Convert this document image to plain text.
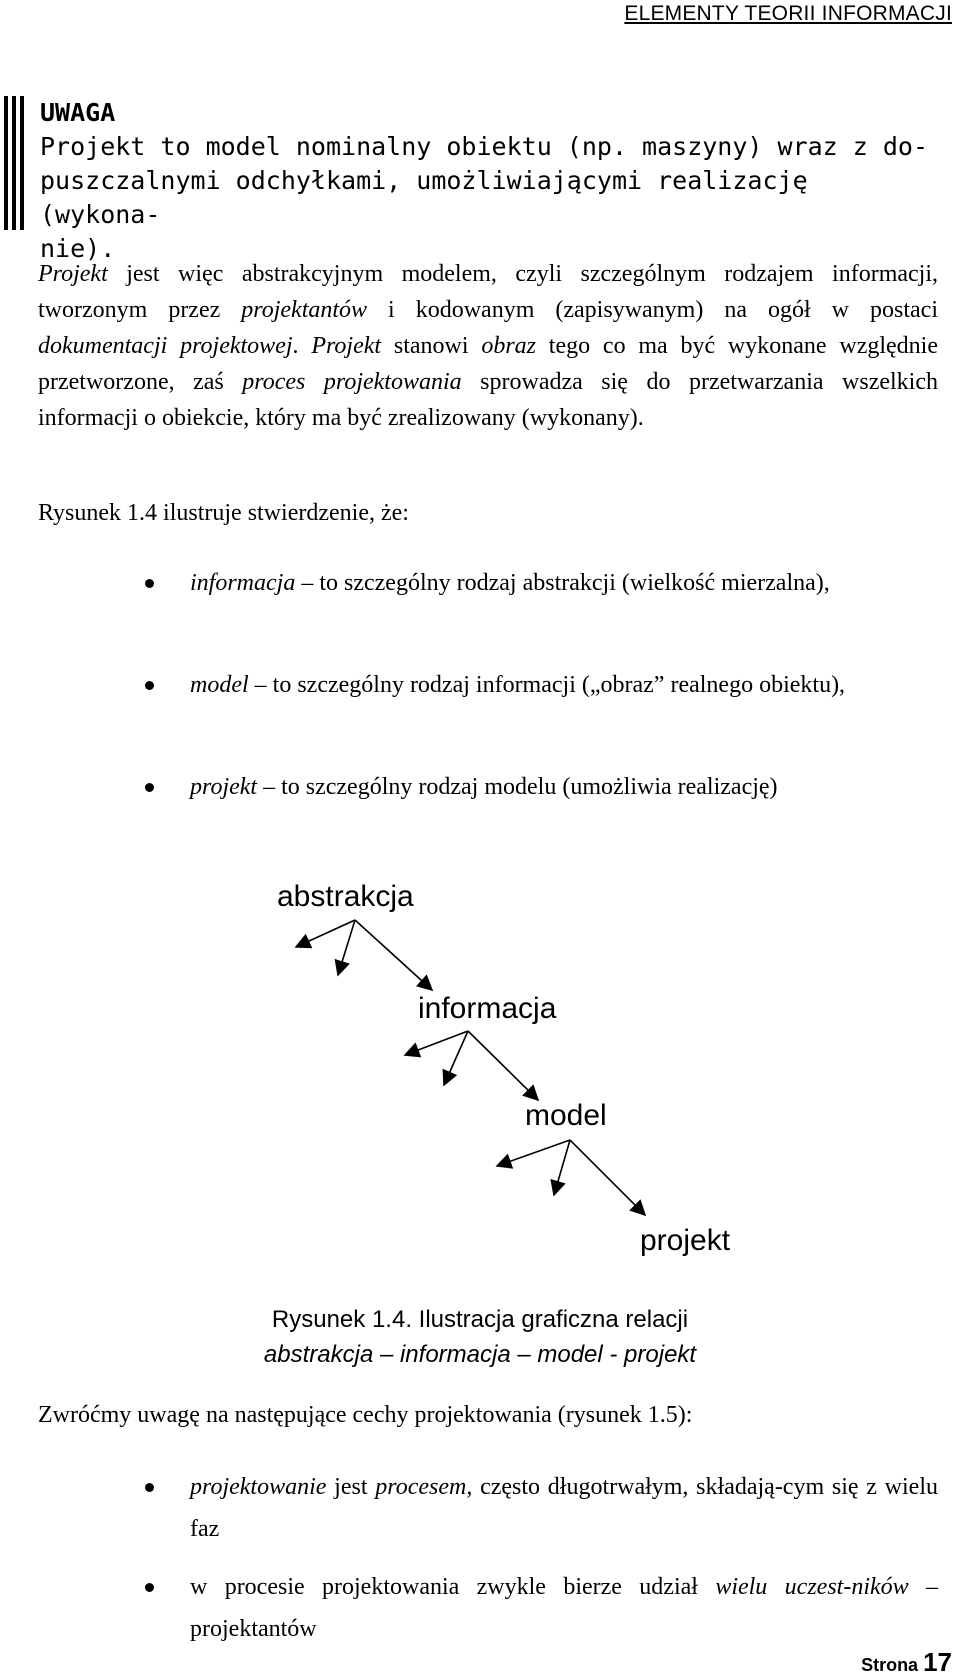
ELEMENTY TEORII INFORMACJI
UWAGA
Projekt to model nominalny obiektu (np. maszyny) wraz z do-
puszczalnymi odchyłkami, umożliwiającymi realizację (wykona-
nie).
Projekt jest więc abstrakcyjnym modelem, czyli szczególnym rodzajem informacji, tworzonym przez projektantów i kodowanym (zapisywanym) na ogół w postaci dokumentacji projektowej. Projekt stanowi obraz tego co ma być wykonane względnie przetworzone, zaś proces projektowania sprowadza się do przetwarzania wszelkich informacji o obiekcie, który ma być zrealizowany (wykonany).
Rysunek 1.4 ilustruje stwierdzenie, że:
informacja – to szczególny rodzaj abstrakcji (wielkość mierzalna),
model – to szczególny rodzaj informacji („obraz” realnego obiektu),
projekt – to szczególny rodzaj modelu (umożliwia realizację)
abstrakcja
informacja
model
projekt
Rysunek 1.4. Ilustracja graficzna relacji
abstrakcja – informacja – model - projekt
Zwróćmy uwagę na następujące cechy projektowania (rysunek 1.5):
projektowanie jest procesem, często długotrwałym, składają-cym się z wielu faz
w procesie projektowania zwykle bierze udział wielu uczest-ników – projektantów
Strona 17
